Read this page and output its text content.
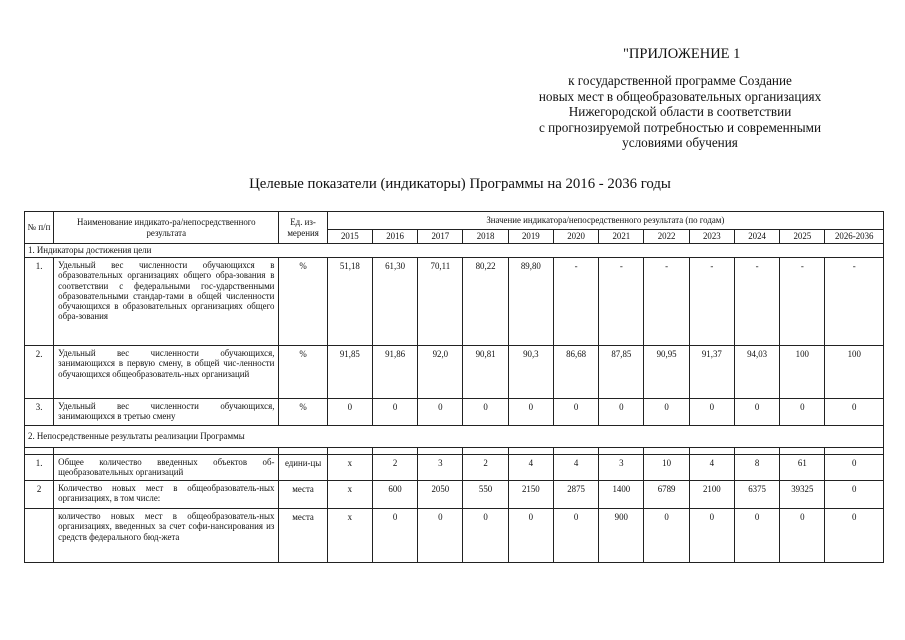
"ПРИЛОЖЕНИЕ 1
к государственной программе Создание
новых мест в общеобразовательных организациях
Нижегородской области в соответствии
с прогнозируемой потребностью и современными
условиями обучения
Целевые показатели (индикаторы) Программы на 2016 - 2036 годы
№ п/п	Наименование индикато-ра/непосредственного результата	Ед. из-мерения	Значение индикатора/непосредственного результата (по годам)											
			2015	2016	2017	2018	2019	2020	2021	2022	2023	2024	2025	2026-2036
1. Индикаторы достижения цели														
1.	Удельный вес численности обучающихся в образовательных организациях общего обра-зования в соответствии с федеральными гос-ударственными образовательными стандар-тами в общей численности обучающихся в образовательных организациях общего обра-зования	%	51,18	61,30	70,11	80,22	89,80	-	-	-	-	-	-	-
2.	Удельный вес численности обучающихся, занимающихся в первую смену, в общей чис-ленности обучающихся общеобразователь-ных организаций	%	91,85	91,86	92,0	90,81	90,3	86,68	87,85	90,95	91,37	94,03	100	100
3.	Удельный вес численности обучающихся, занимающихся в третью смену	%	0	0	0	0	0	0	0	0	0	0	0	0
2. Непосредственные результаты реализации Программы														

1.	Общее количество введенных объектов об-щеобразовательных организаций	едини-цы	х	2	3	2	4	4	3	10	4	8	61	0
2	Количество новых мест в общеобразователь-ных организациях, в том числе:	места	х	600	2050	550	2150	2875	1400	6789	2100	6375	39325	0
	количество новых мест в общеобразователь-ных организациях, введенных за счет софи-нансирования из средств федерального бюд-жета	места	х	0	0	0	0	0	900	0	0	0	0	0
